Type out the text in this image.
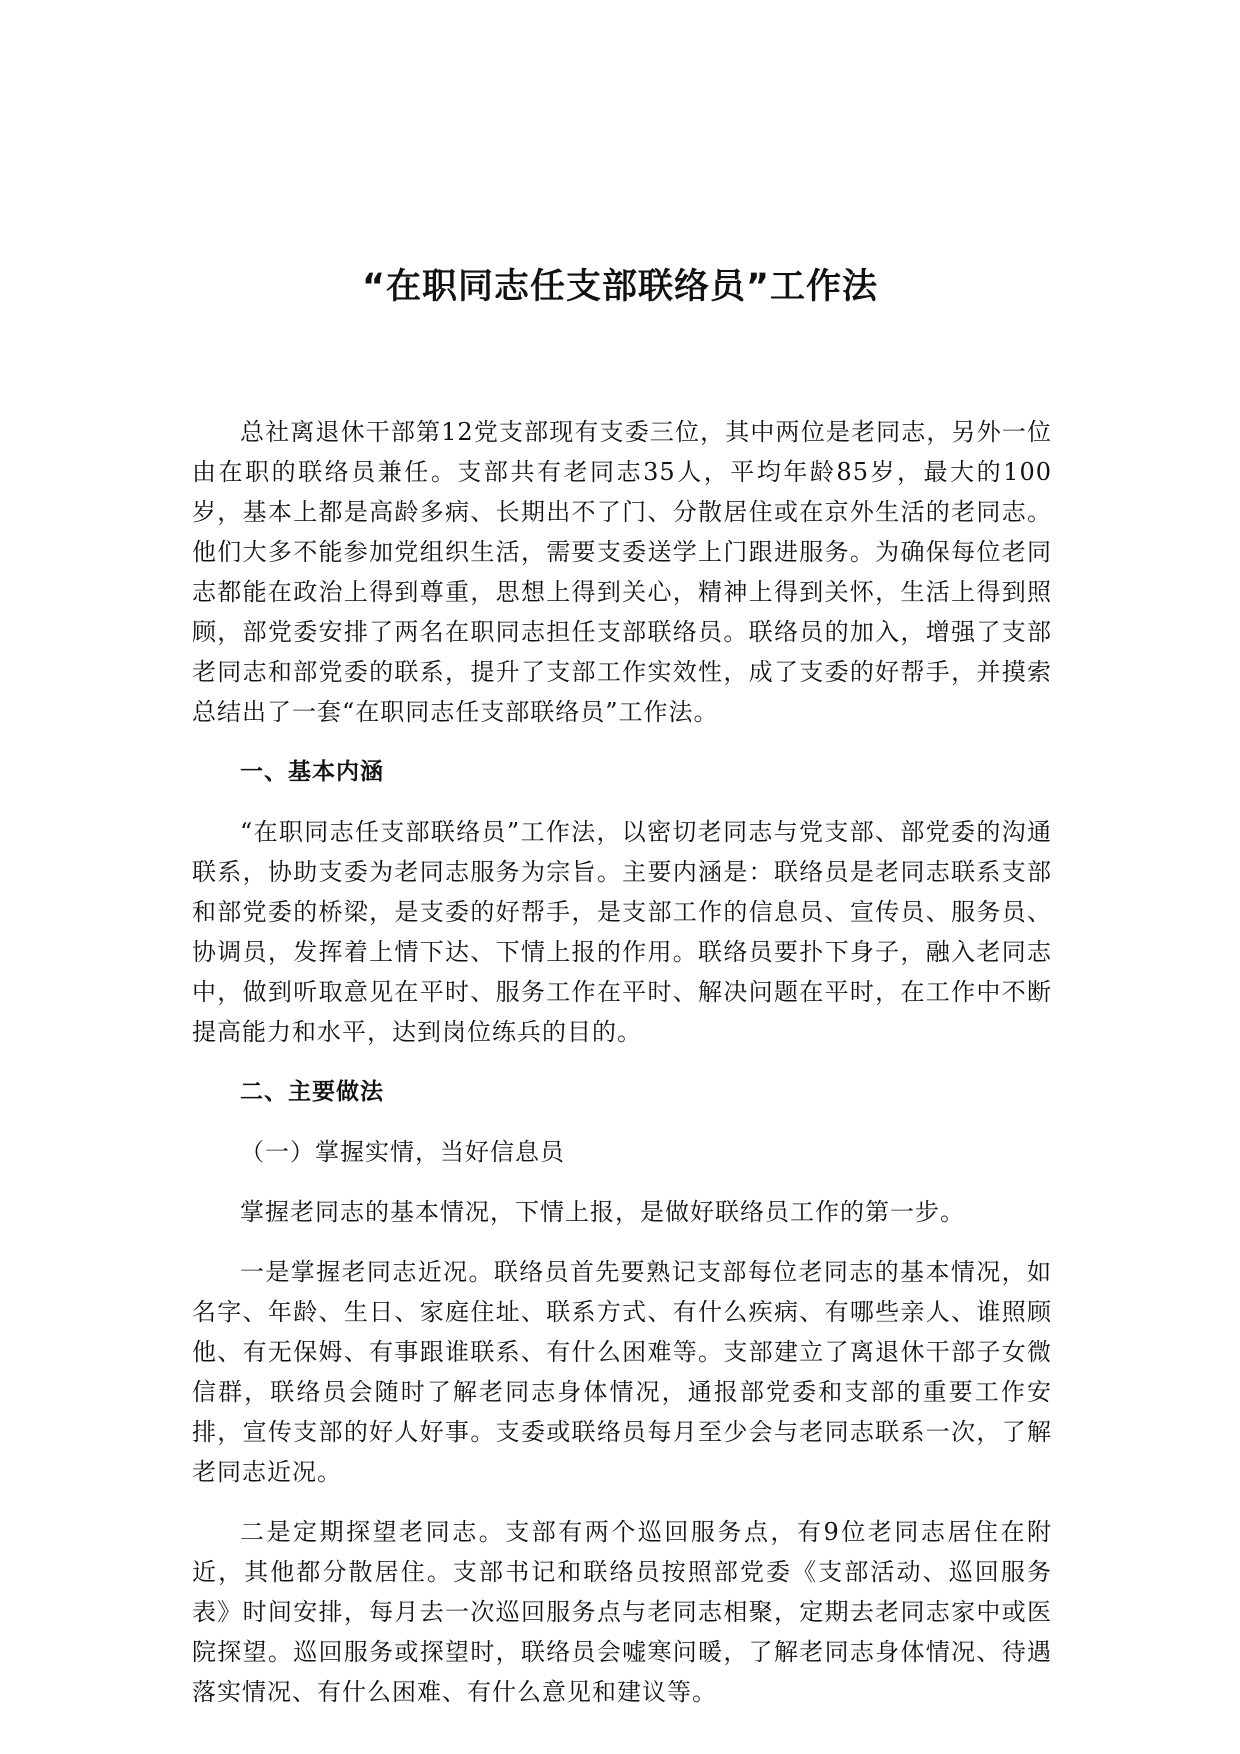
“在职同志任支部联络员”工作法

总社离退休干部第12党支部现有支委三位，其中两位是老同志，另外一位由在职的联络员兼任。支部共有老同志35人，平均年龄85岁，最大的100岁，基本上都是高龄多病、长期出不了门、分散居住或在京外生活的老同志。他们大多不能参加党组织生活，需要支委送学上门跟进服务。为确保每位老同志都能在政治上得到尊重，思想上得到关心，精神上得到关怀，生活上得到照顾，部党委安排了两名在职同志担任支部联络员。联络员的加入，增强了支部老同志和部党委的联系，提升了支部工作实效性，成了支委的好帮手，并摸索总结出了一套“在职同志任支部联络员”工作法。

一、基本内涵

“在职同志任支部联络员”工作法，以密切老同志与党支部、部党委的沟通联系，协助支委为老同志服务为宗旨。主要内涵是：联络员是老同志联系支部和部党委的桥梁，是支委的好帮手，是支部工作的信息员、宣传员、服务员、协调员，发挥着上情下达、下情上报的作用。联络员要扑下身子，融入老同志中，做到听取意见在平时、服务工作在平时、解决问题在平时，在工作中不断提高能力和水平，达到岗位练兵的目的。

二、主要做法

（一）掌握实情，当好信息员

掌握老同志的基本情况，下情上报，是做好联络员工作的第一步。

一是掌握老同志近况。联络员首先要熟记支部每位老同志的基本情况，如名字、年龄、生日、家庭住址、联系方式、有什么疾病、有哪些亲人、谁照顾他、有无保姆、有事跟谁联系、有什么困难等。支部建立了离退休干部子女微信群，联络员会随时了解老同志身体情况，通报部党委和支部的重要工作安排，宣传支部的好人好事。支委或联络员每月至少会与老同志联系一次，了解老同志近况。

二是定期探望老同志。支部有两个巡回服务点，有9位老同志居住在附近，其他都分散居住。支部书记和联络员按照部党委《支部活动、巡回服务表》时间安排，每月去一次巡回服务点与老同志相聚，定期去老同志家中或医院探望。巡回服务或探望时，联络员会嘘寒问暖，了解老同志身体情况、待遇落实情况、有什么困难、有什么意见和建议等。
